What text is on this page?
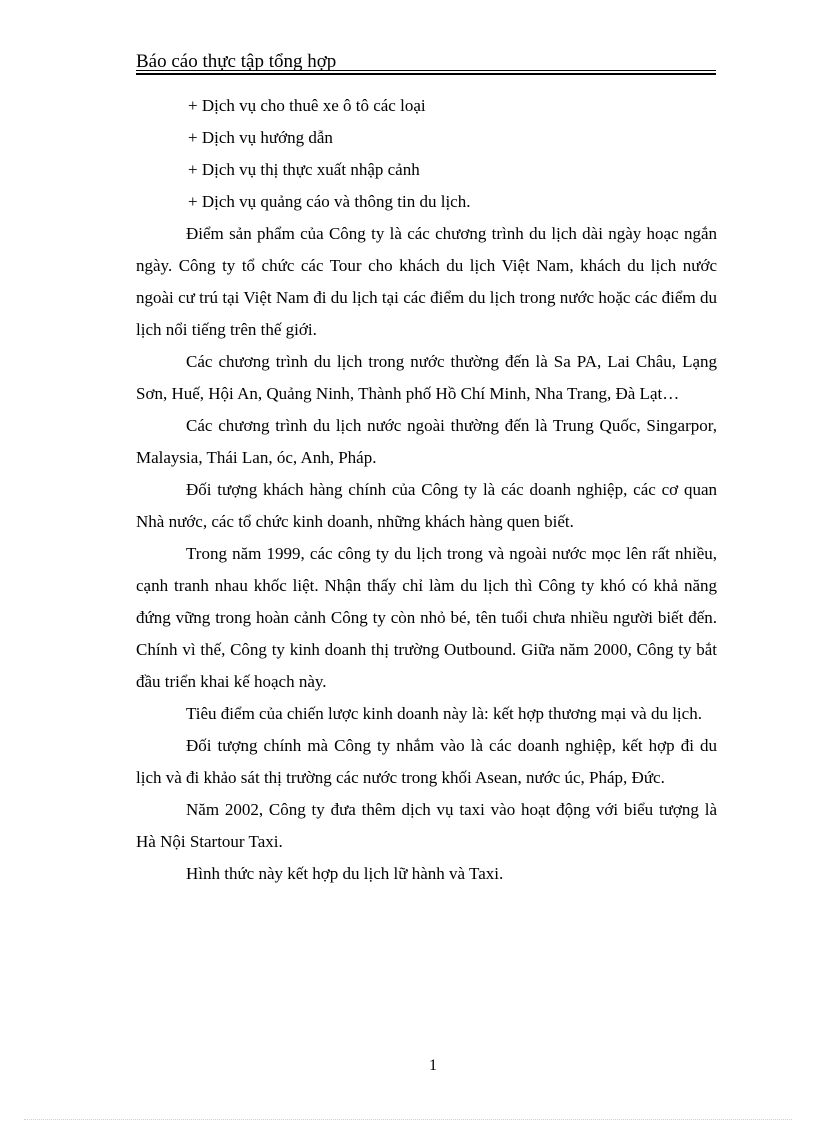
Báo cáo thực tập tổng hợp

+ Dịch vụ cho thuê xe ô tô các loại

+ Dịch vụ hướng dẫn

+ Dịch vụ thị thực xuất nhập cảnh

+ Dịch vụ quảng cáo và thông tin du lịch.

Điểm sản phẩm của Công ty là các chương trình du lịch dài ngày hoạc ngắn ngày. Công ty tổ chức các Tour cho khách du lịch Việt Nam, khách du lịch nước ngoài cư trú tại Việt Nam đi du lịch tại các điểm du lịch trong nước hoặc các điểm du lịch nổi tiếng trên thế giới.

Các chương trình du lịch trong nước thường đến là Sa PA, Lai Châu, Lạng Sơn, Huế, Hội An, Quảng Ninh, Thành phố Hồ Chí Minh, Nha Trang, Đà Lạt…

Các chương trình du lịch nước ngoài thường đến là Trung Quốc, Singarpor, Malaysia, Thái Lan, óc, Anh, Pháp.

Đối tượng khách hàng chính của Công ty là các doanh nghiệp, các cơ quan Nhà nước, các tổ chức kinh doanh, những khách hàng quen biết.

Trong năm 1999, các công ty du lịch trong và ngoài nước mọc lên rất nhiều, cạnh tranh nhau khốc liệt. Nhận thấy chỉ làm du lịch thì Công ty khó có khả năng đứng vững trong hoàn cảnh Công ty còn nhỏ bé, tên tuổi chưa nhiều người biết đến. Chính vì thế, Công ty kinh doanh thị trường Outbound. Giữa năm 2000, Công ty bắt đầu triển khai kế hoạch này.

Tiêu điểm của chiến lược kinh doanh này là: kết hợp thương mại và du lịch.

Đối tượng chính mà Công ty nhắm vào là các doanh nghiệp, kết hợp đi du lịch và đi khảo sát thị trường các nước trong khối Asean, nước úc, Pháp, Đức.

Năm 2002, Công ty đưa thêm dịch vụ taxi vào hoạt động với biểu tượng là Hà Nội Startour Taxi.

Hình thức này kết hợp du lịch lữ hành và Taxi.

1
